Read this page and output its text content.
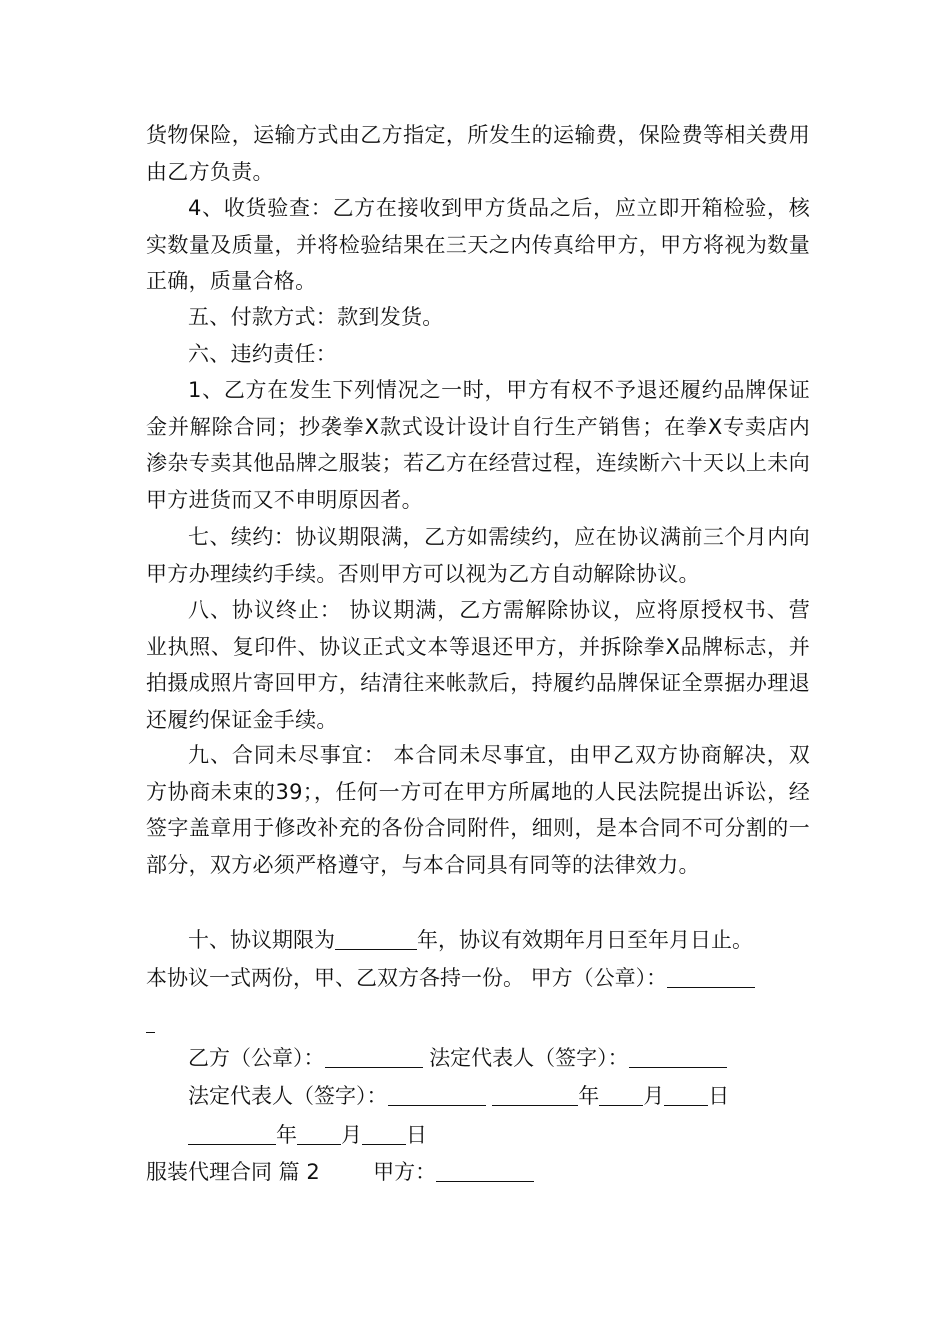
货物保险，运输方式由乙方指定，所发生的运输费，保险费等相关费用由乙方负责。

4、收货验查：乙方在接收到甲方货品之后，应立即开箱检验，核实数量及质量，并将检验结果在三天之内传真给甲方，甲方将视为数量正确，质量合格。

五、付款方式：款到发货。

六、违约责任：

1、乙方在发生下列情况之一时，甲方有权不予退还履约品牌保证金并解除合同；抄袭拳X款式设计设计自行生产销售；在拳X专卖店内渗杂专卖其他品牌之服装；若乙方在经营过程，连续断六十天以上未向甲方进货而又不申明原因者。

七、续约：协议期限满，乙方如需续约，应在协议满前三个月内向甲方办理续约手续。否则甲方可以视为乙方自动解除协议。

八、协议终止： 协议期满，乙方需解除协议，应将原授权书、营业执照、复印件、协议正式文本等退还甲方，并拆除拳X品牌标志，并拍摄成照片寄回甲方，结清往来帐款后，持履约品牌保证全票据办理退还履约保证金手续。

九、合同未尽事宜： 本合同未尽事宜，由甲乙双方协商解决，双方协商未束的39；，任何一方可在甲方所属地的人民法院提出诉讼，经签字盖章用于修改补充的各份合同附件，细则，是本合同不可分割的一部分，双方必须严格遵守，与本合同具有同等的法律效力。

十、协议期限为	年，协议有效期年月日至年月日止。
本协议一式两份，甲、乙双方各持一份。 甲方（公章）：
乙方（公章）：	法定代表人（签字）：
法定代表人（签字）：	年 月 日
年 月 日
服装代理合同 篇 2	甲方：
